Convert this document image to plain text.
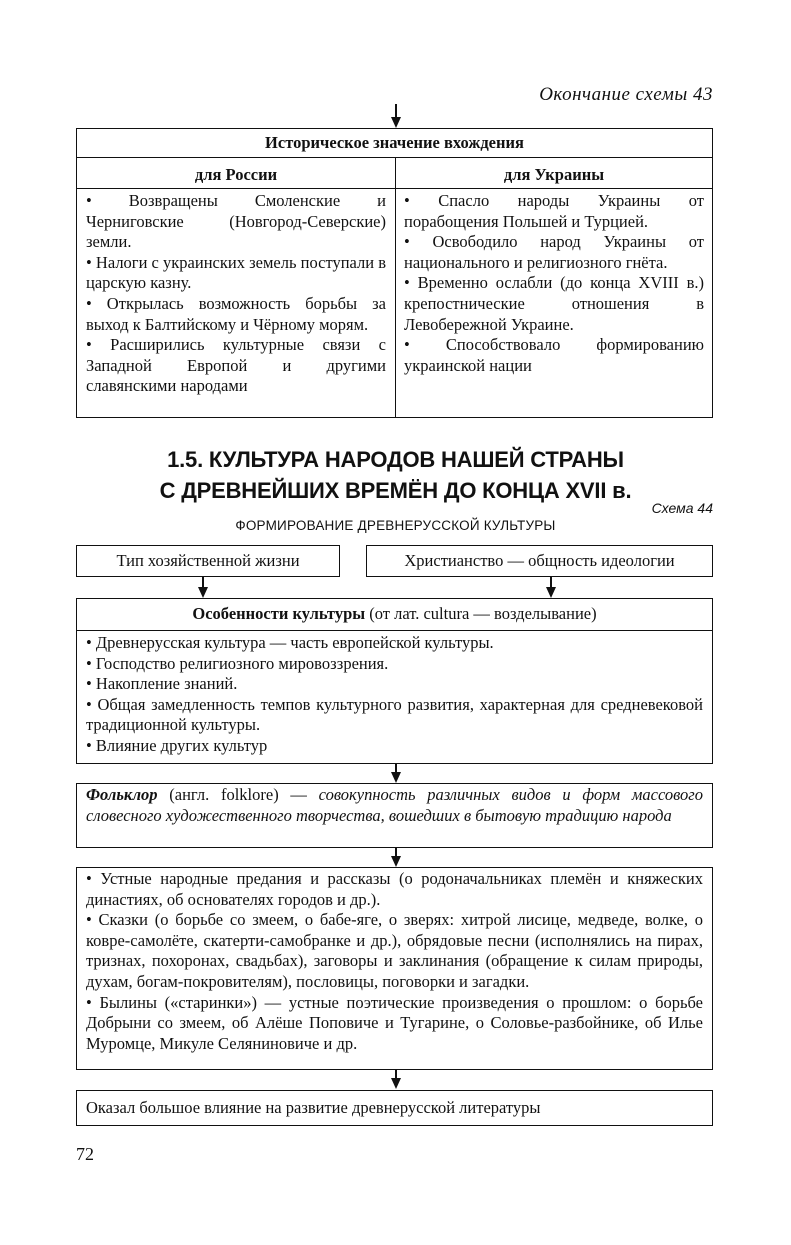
Окончание схемы 43
Историческое значение вхождения
для России	для Украины

• Возвращены Смоленские и Черниговские (Новгород-Северские) земли.

• Налоги с украинских земель поступали в царскую казну.

• Открылась возможность борьбы за выход к Балтийскому и Чёрному морям.

• Расширились культурные связи с Западной Европой и другими славянскими народами

• Спасло народы Украины от порабощения Польшей и Турцией.

• Освободило народ Украины от национального и религиозного гнёта.

• Временно ослабли (до конца XVIII в.) крепостнические отношения в Левобережной Украине.

• Способствовало формированию украинской нации

1.5. КУЛЬТУРА НАРОДОВ НАШЕЙ СТРАНЫ
С ДРЕВНЕЙШИХ ВРЕМЁН ДО КОНЦА XVII в.
Схема 44
ФОРМИРОВАНИЕ ДРЕВНЕРУССКОЙ КУЛЬТУРЫ
Тип хозяйственной жизни	Христианство — общность идеологии
Особенности культуры (от лат. cultura — возделывание)

• Древнерусская культура — часть европейской культуры.

• Господство религиозного мировоззрения.

• Накопление знаний.

• Общая замедленность темпов культурного развития, характерная для средневековой традиционной культуры.

• Влияние других культур

Фольклор (англ. folklore) — совокупность различных видов и форм массового словесного художественного творчества, вошедших в бытовую традицию народа

• Устные народные предания и рассказы (о родоначальниках племён и княжеских династиях, об основателях городов и др.).

• Сказки (о борьбе со змеем, о бабе-яге, о зверях: хитрой лисице, медведе, волке, о ковре-самолёте, скатерти-самобранке и др.), обрядовые песни (исполнялись на пирах, тризнах, похоронах, свадьбах), заговоры и заклинания (обращение к силам природы, духам, богам-покровителям), пословицы, поговорки и загадки.

• Былины («старинки») — устные поэтические произведения о прошлом: о борьбе Добрыни со змеем, об Алёше Поповиче и Тугарине, о Соловье-разбойнике, об Илье Муромце, Микуле Селяниновиче и др.

Оказал большое влияние на развитие древнерусской литературы
72
